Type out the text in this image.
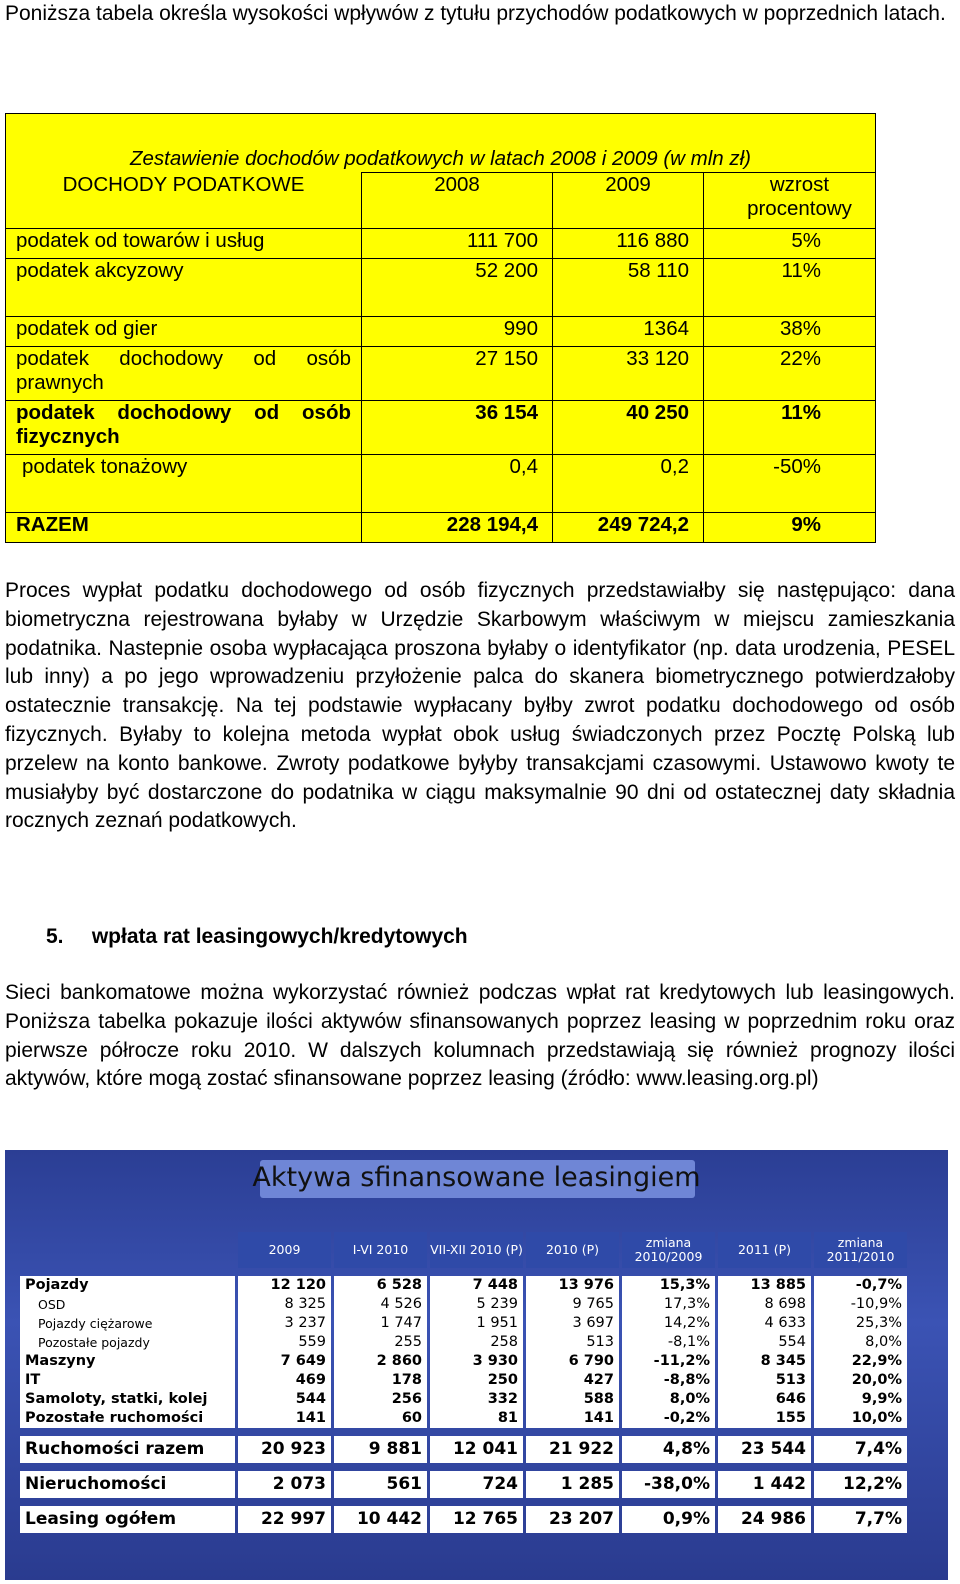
Poniższa tabela określa wysokości wpływów z tytułu przychodów podatkowych w poprzednich latach.
Zestawienie dochodów podatkowych w latach 2008 i 2009 (w mln zł)			
DOCHODY PODATKOWE	2008	2009	wzrost procentowy
podatek od towarów i usług	111 700	116 880	5%
podatek akcyzowy	52 200	58 110	11%
podatek od gier	990	1364	38%
podatek dochodowy od osób prawnych	27 150	33 120	22%
podatek dochodowy od osób fizycznych	36 154	40 250	11%
podatek tonażowy	0,4	0,2	-50%
RAZEM	228 194,4	249 724,2	9%
Proces wypłat podatku dochodowego od osób fizycznych przedstawiałby się następująco: dana biometryczna rejestrowana byłaby w Urzędzie Skarbowym właściwym w miejscu zamieszkania podatnika. Nastepnie osoba wypłacająca proszona byłaby o identyfikator (np. data urodzenia, PESEL lub inny) a po jego wprowadzeniu przyłożenie palca do skanera biometrycznego potwierdzałoby ostatecznie transakcję. Na tej podstawie wypłacany byłby zwrot podatku dochodowego od osób fizycznych. Byłaby to kolejna metoda wypłat obok usług świadczonych przez Pocztę Polską lub przelew na konto bankowe. Zwroty podatkowe byłyby transakcjami czasowymi. Ustawowo kwoty te musiałyby być dostarczone do podatnika w ciągu maksymalnie 90 dni od ostatecznej daty składnia rocznych zeznań podatkowych.
5. wpłata rat leasingowych/kredytowych
Sieci bankomatowe można wykorzystać również podczas wpłat rat kredytowych lub leasingowych. Poniższa tabelka pokazuje ilości aktywów sfinansowanych poprzez leasing w poprzednim roku oraz pierwsze półrocze roku 2010. W dalszych kolumnach przedstawiają się również prognozy ilości aktywów, które mogą zostać sfinansowane poprzez leasing (źródło: www.leasing.org.pl)
Aktywa sfinansowane leasingiem
	2009	I-VI 2010	VII-XII 2010 (P)	2010 (P)	zmiana 2010/2009	2011 (P)	zmiana 2011/2010

Pojazdy	12 120	6 528	7 448	13 976	15,3%	13 885	-0,7%
OSD	8 325	4 526	5 239	9 765	17,3%	8 698	-10,9%
Pojazdy ciężarowe	3 237	1 747	1 951	3 697	14,2%	4 633	25,3%
Pozostałe pojazdy	559	255	258	513	-8,1%	554	8,0%
Maszyny	7 649	2 860	3 930	6 790	-11,2%	8 345	22,9%
IT	469	178	250	427	-8,8%	513	20,0%
Samoloty, statki, kolej	544	256	332	588	8,0%	646	9,9%
Pozostałe ruchomości	141	60	81	141	-0,2%	155	10,0%

Ruchomości razem	20 923	9 881	12 041	21 922	4,8%	23 544	7,4%

Nieruchomości	2 073	561	724	1 285	-38,0%	1 442	12,2%

Leasing ogółem	22 997	10 442	12 765	23 207	0,9%	24 986	7,7%
